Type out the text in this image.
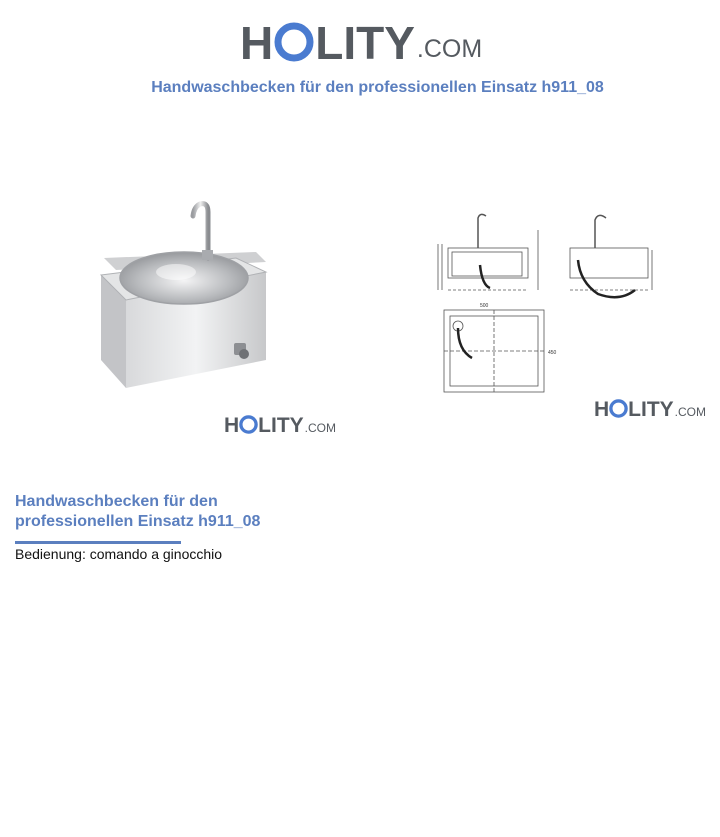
H LITY .COM
Handwaschbecken für den professionellen Einsatz h911_08
H LITY .COM
500
450
H LITY .COM
Handwaschbecken für den
professionellen Einsatz h911_08
Bedienung: comando a ginocchio
